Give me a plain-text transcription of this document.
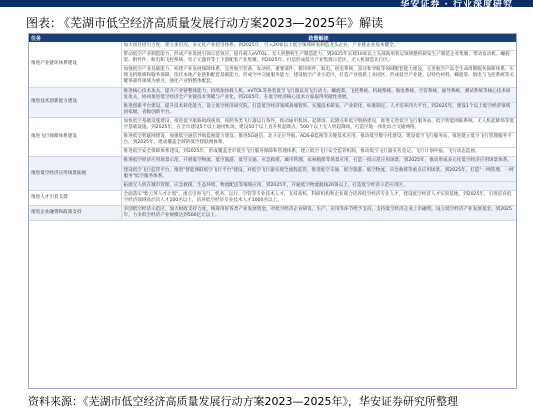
华安证券 · 行业深度研究
图表： 《芜湖市低空经济高质量发展行动方案2023—2025年》解读
任务	政策解读
推进产业链环体系建设	加大项目招引力度，建立多层次、多元化产业招引体系。到2025年，引入20家以上低空领域研发制造龙头企业，产业链企业基本健全。
	带动低空产业制造能力，形成产业发展引领示范效应。提升载人eVTOL、无人机整机生产制造能力，到2025年实现10家以上头部商用客运领域整机研发生产制造企业集聚；带动发动机、螺旋桨、附件件、航电和飞控系统、电子元器件等上下游配套产业集聚。到2025年，打造形成低空产业集群示范区，无人机制造先行区。
	加强低空产业基础能力，构建产业发展保障体系，完善航空装备、发动机、重要部件、模块组件、航电、机电系统、雷达和导航等领域配套能力建设，完善航空产品全生命周期服务保障体系，实现飞机维修和服务保障。依托本地产业链和配套基础能力，形成空中交通服务能力，建设航空产业示范区，打造产业创新工业园区，形成低空产业链。以特色材料、螺旋桨、航电与飞控系统等关键零部件领域为重点，强化产业链整体配套。
推进技术创新能力建设	推进核心技术攻关，提升产业链整体能力，持续加快载人机、eVTOL等各类低空飞行器以及飞行动力、螺旋桨、飞控系统、机载系统、航电系统、空管系统、通导系统、测试系统等核心技术研发攻关，协同推进低空经济全产业链技术突破与产业化，到2025年，在低空经济核心技术方面取得突破性进展。
	推进创新平台建设，提升技术转化能力，设立低空经济研究院，打造低空经济领域高端智库，实施技术研发、产业转化、标准制定、人才培养四大平台。到2025年，建设1个以上低空经济领域国家级、省级创新平台。
推进飞行保障体系建设	加快低空基础设施建设，推进低空航路航线规划，按照各类飞行器运行条件，推动通用机场、起降场、起降点和低空航路建设，推进完善低空飞行服务站、低空智能网联系统、无人机起降场等低空基础设施。到2025年，在全市建设5个以上通用机场，建设50个以上直升机起降点、500个以上无人机起降场，打造空地一体化综合交通网络。
	推进低空智联网建设，加强低空通信导航监视能力建设。推进5G通信、北斗定位导航、ADS-B监视等关键技术应用，推动低空数字化建设；建设低空飞行服务站，推进建立低空飞行管理服务平台，到2025年，建成覆盖全域的低空智联网体系。
	推进低空安全保障体系建设，到2025年，形成覆盖全市低空飞行服务保障和管理体系，建立低空飞行安全监管机制，推动低空飞行器实名登记、飞行计划申报、飞行动态监视。
推进低空经济应用场景拓展	推进低空经济应用场景示范，开展低空物流、低空旅游、低空交通、应急救援、城市管理、农林植保等场景应用，打造一批示范应用场景，到2025年，推动形成多元化低空经济应用场景体系。
	建设低空飞行监管平台，推进"智能网联低空飞行平台"建设，对低空飞行器实现全流程监管，推进低空交通、低空旅游、低空物流、应急救援等重点应用场景。到2025年，打造"一网管理、一网服务"低空服务体系。
	拓展无人机在城市管理、应急救援、生态环境、物流配送等领域应用，到2025年，开通低空物流航线20条以上，打造低空经济示范应用区。
推进人才引育支撑	全面落实"紫云英人才计划"，重点引进飞行、机务、运行、空管等专业技术人才，支持高校、科研机构和企业联合培养低空经济专业人才，建设低空经济人才实训基地，到2025年，引进培育低空经济领域高层次人才100名以上，培养低空经济专业技术人才1000名以上。
推进企业融资和政策支持	争创低空经济示范区，加大财政支持力度，统筹用好各类产业发展资金，对低空经济企业研发、生产、应用等环节给予支持，支持低空经济企业上市融资，设立低空经济产业发展基金。到2025年，力争低空经济产业规模达到500亿元以上。
资料来源：《芜湖市低空经济高质量发展行动方案2023—2025年》，华安证券研究所整理
